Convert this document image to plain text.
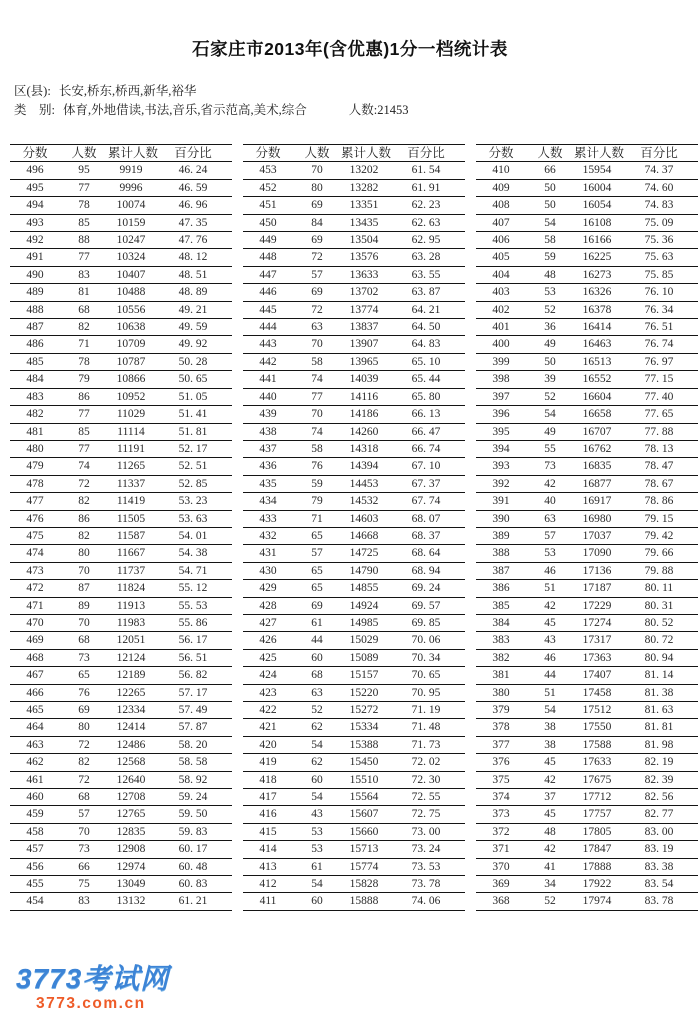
石家庄市2013年(含优惠)1分一档统计表
区(县): 长安,桥东,桥西,新华,裕华
类　别: 体育,外地借读,书法,音乐,省示范高,美术,综合	人数:21453
分数	人数	累计人数	百分比
496	95	9919	46. 24
495	77	9996	46. 59
494	78	10074	46. 96
493	85	10159	47. 35
492	88	10247	47. 76
491	77	10324	48. 12
490	83	10407	48. 51
489	81	10488	48. 89
488	68	10556	49. 21
487	82	10638	49. 59
486	71	10709	49. 92
485	78	10787	50. 28
484	79	10866	50. 65
483	86	10952	51. 05
482	77	11029	51. 41
481	85	11114	51. 81
480	77	11191	52. 17
479	74	11265	52. 51
478	72	11337	52. 85
477	82	11419	53. 23
476	86	11505	53. 63
475	82	11587	54. 01
474	80	11667	54. 38
473	70	11737	54. 71
472	87	11824	55. 12
471	89	11913	55. 53
470	70	11983	55. 86
469	68	12051	56. 17
468	73	12124	56. 51
467	65	12189	56. 82
466	76	12265	57. 17
465	69	12334	57. 49
464	80	12414	57. 87
463	72	12486	58. 20
462	82	12568	58. 58
461	72	12640	58. 92
460	68	12708	59. 24
459	57	12765	59. 50
458	70	12835	59. 83
457	73	12908	60. 17
456	66	12974	60. 48
455	75	13049	60. 83
454	83	13132	61. 21
分数	人数	累计人数	百分比
453	70	13202	61. 54
452	80	13282	61. 91
451	69	13351	62. 23
450	84	13435	62. 63
449	69	13504	62. 95
448	72	13576	63. 28
447	57	13633	63. 55
446	69	13702	63. 87
445	72	13774	64. 21
444	63	13837	64. 50
443	70	13907	64. 83
442	58	13965	65. 10
441	74	14039	65. 44
440	77	14116	65. 80
439	70	14186	66. 13
438	74	14260	66. 47
437	58	14318	66. 74
436	76	14394	67. 10
435	59	14453	67. 37
434	79	14532	67. 74
433	71	14603	68. 07
432	65	14668	68. 37
431	57	14725	68. 64
430	65	14790	68. 94
429	65	14855	69. 24
428	69	14924	69. 57
427	61	14985	69. 85
426	44	15029	70. 06
425	60	15089	70. 34
424	68	15157	70. 65
423	63	15220	70. 95
422	52	15272	71. 19
421	62	15334	71. 48
420	54	15388	71. 73
419	62	15450	72. 02
418	60	15510	72. 30
417	54	15564	72. 55
416	43	15607	72. 75
415	53	15660	73. 00
414	53	15713	73. 24
413	61	15774	73. 53
412	54	15828	73. 78
411	60	15888	74. 06
分数	人数	累计人数	百分比
410	66	15954	74. 37
409	50	16004	74. 60
408	50	16054	74. 83
407	54	16108	75. 09
406	58	16166	75. 36
405	59	16225	75. 63
404	48	16273	75. 85
403	53	16326	76. 10
402	52	16378	76. 34
401	36	16414	76. 51
400	49	16463	76. 74
399	50	16513	76. 97
398	39	16552	77. 15
397	52	16604	77. 40
396	54	16658	77. 65
395	49	16707	77. 88
394	55	16762	78. 13
393	73	16835	78. 47
392	42	16877	78. 67
391	40	16917	78. 86
390	63	16980	79. 15
389	57	17037	79. 42
388	53	17090	79. 66
387	46	17136	79. 88
386	51	17187	80. 11
385	42	17229	80. 31
384	45	17274	80. 52
383	43	17317	80. 72
382	46	17363	80. 94
381	44	17407	81. 14
380	51	17458	81. 38
379	54	17512	81. 63
378	38	17550	81. 81
377	38	17588	81. 98
376	45	17633	82. 19
375	42	17675	82. 39
374	37	17712	82. 56
373	45	17757	82. 77
372	48	17805	83. 00
371	42	17847	83. 19
370	41	17888	83. 38
369	34	17922	83. 54
368	52	17974	83. 78
3773考试网
3773.com.cn
